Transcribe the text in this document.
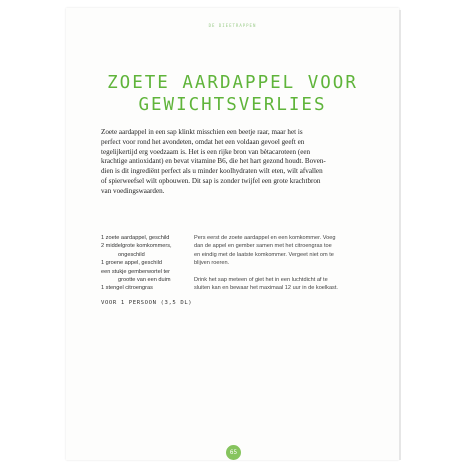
DE DIEETRAPPEN
ZOETE AARDAPPEL VOOR
GEWICHTSVERLIES
Zoete aardappel in een sap klinkt misschien een beetje raar, maar het is
perfect voor rond het avondeten, omdat het een voldaan gevoel geeft en
tegelijkertijd erg voedzaam is. Het is een rijke bron van bètacaroteen (een
krachtige antioxidant) en bevat vitamine B6, die het hart gezond houdt. Boven-
dien is dit ingrediënt perfect als u minder koolhydraten wilt eten, wilt afvallen
of spierweefsel wilt opbouwen. Dit sap is zonder twijfel een grote krachtbron
van voedingswaarden.
1 zoete aardappel, geschild
2 middelgrote komkommers,
ongeschild
1 groene appel, geschild
een stukje gemberwortel ter
grootte van een duim
1 stengel citroengras
VOOR 1 PERSOON (3,5 DL)
Pers eerst de zoete aardappel en een komkommer. Voeg
dan de appel en gember samen met het citroengras toe
en eindig met de laatste komkommer. Vergeet niet om te
blijven roeren.
Drink het sap meteen of giet het in een luchtdicht af te
sluiten kan en bewaar het maximaal 12 uur in de koelkast.
65
